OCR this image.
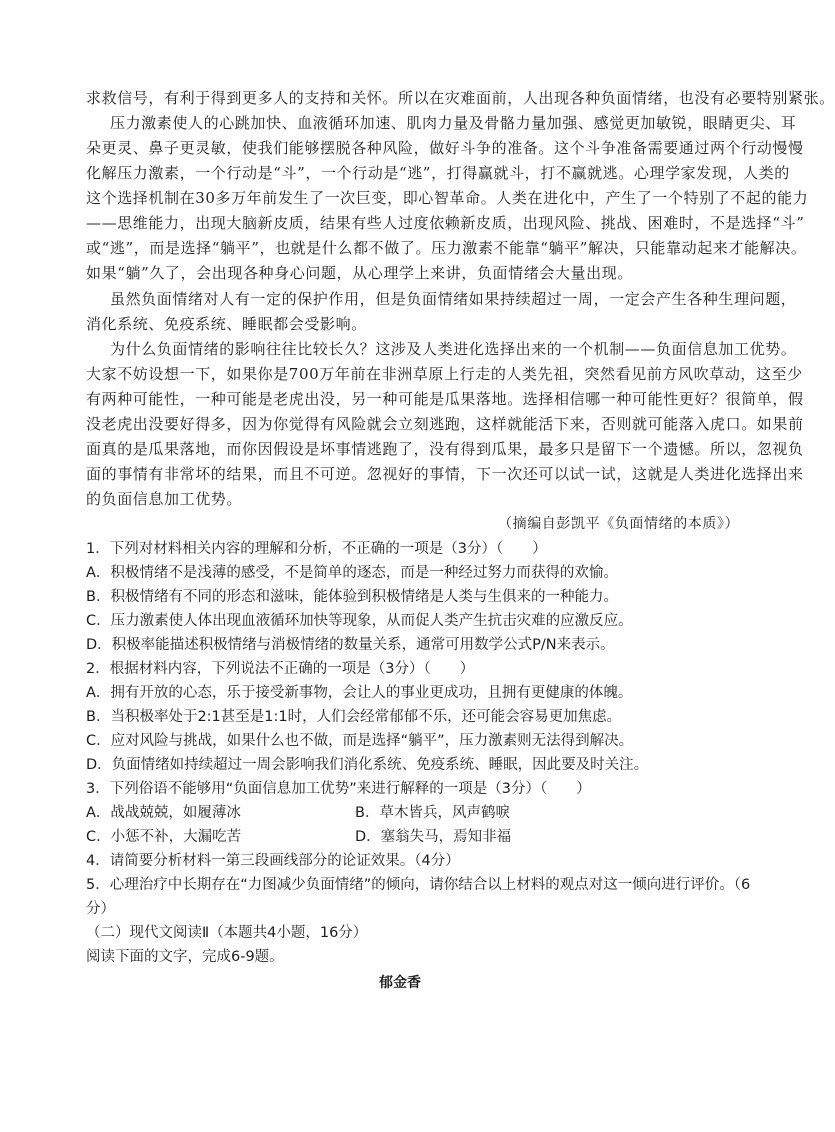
求救信号，有利于得到更多人的支持和关怀。所以在灾难面前，人出现各种负面情绪，也没有必要特别紧张。
压力激素使人的心跳加快、血液循环加速、肌肉力量及骨骼力量加强、感觉更加敏锐，眼睛更尖、耳
朵更灵、鼻子更灵敏，使我们能够摆脱各种风险，做好斗争的准备。这个斗争准备需要通过两个行动慢慢
化解压力激素，一个行动是“斗”，一个行动是“逃”，打得赢就斗，打不赢就逃。心理学家发现，人类的
这个选择机制在30多万年前发生了一次巨变，即心智革命。人类在进化中，产生了一个特别了不起的能力
——思维能力，出现大脑新皮质，结果有些人过度依赖新皮质，出现风险、挑战、困难时，不是选择“斗”
或“逃”，而是选择“躺平”，也就是什么都不做了。压力激素不能靠“躺平”解决，只能靠动起来才能解决。
如果“躺”久了，会出现各种身心问题，从心理学上来讲，负面情绪会大量出现。
虽然负面情绪对人有一定的保护作用，但是负面情绪如果持续超过一周，一定会产生各种生理问题，
消化系统、免疫系统、睡眠都会受影响。
为什么负面情绪的影响往往比较长久？这涉及人类进化选择出来的一个机制——负面信息加工优势。
大家不妨设想一下，如果你是700万年前在非洲草原上行走的人类先祖，突然看见前方风吹草动，这至少
有两种可能性，一种可能是老虎出没，另一种可能是瓜果落地。选择相信哪一种可能性更好？很简单，假
没老虎出没要好得多，因为你觉得有风险就会立刻逃跑，这样就能活下来，否则就可能落入虎口。如果前
面真的是瓜果落地，而你因假设是坏事情逃跑了，没有得到瓜果，最多只是留下一个遗憾。所以，忽视负
面的事情有非常坏的结果，而且不可逆。忽视好的事情，下一次还可以试一试，这就是人类进化选择出来
的负面信息加工优势。
（摘编自彭凯平《负面情绪的本质》）
1．下列对材料相关内容的理解和分析，不正确的一项是（3分）（　　）
A．积极情绪不是浅薄的感受，不是简单的逐态，而是一种经过努力而获得的欢愉。
B．积极情绪有不同的形态和滋味，能体验到积极情绪是人类与生俱来的一种能力。
C．压力激素使人体出现血液循环加快等现象，从而促人类产生抗击灾难的应激反应。
D．积极率能描述积极情绪与消极情绪的数量关系，通常可用数学公式P/N来表示。
2．根据材料内容，下列说法不正确的一项是（3分）（　　）
A．拥有开放的心态，乐于接受新事物，会让人的事业更成功，且拥有更健康的体魄。
B．当积极率处于2:1甚至是1:1时，人们会经常郁郁不乐，还可能会容易更加焦虑。
C．应对风险与挑战，如果什么也不做，而是选择“躺平”，压力激素则无法得到解决。
D．负面情绪如持续超过一周会影响我们消化系统、免疫系统、睡眠，因此要及时关注。
3．下列俗语不能够用“负面信息加工优势”来进行解释的一项是（3分）（　　）
A．战战兢兢，如履薄冰	B．草木皆兵，风声鹤唳
C．小惩不补，大漏吃苦	D．塞翁失马，焉知非福
4．请简要分析材料一第三段画线部分的论证效果。（4分）
5．心理治疗中长期存在“力图减少负面情绪”的倾向，请你结合以上材料的观点对这一倾向进行评价。（6
分）
（二）现代文阅读Ⅱ（本题共4小题，16分）
阅读下面的文字，完成6-9题。
郁金香
